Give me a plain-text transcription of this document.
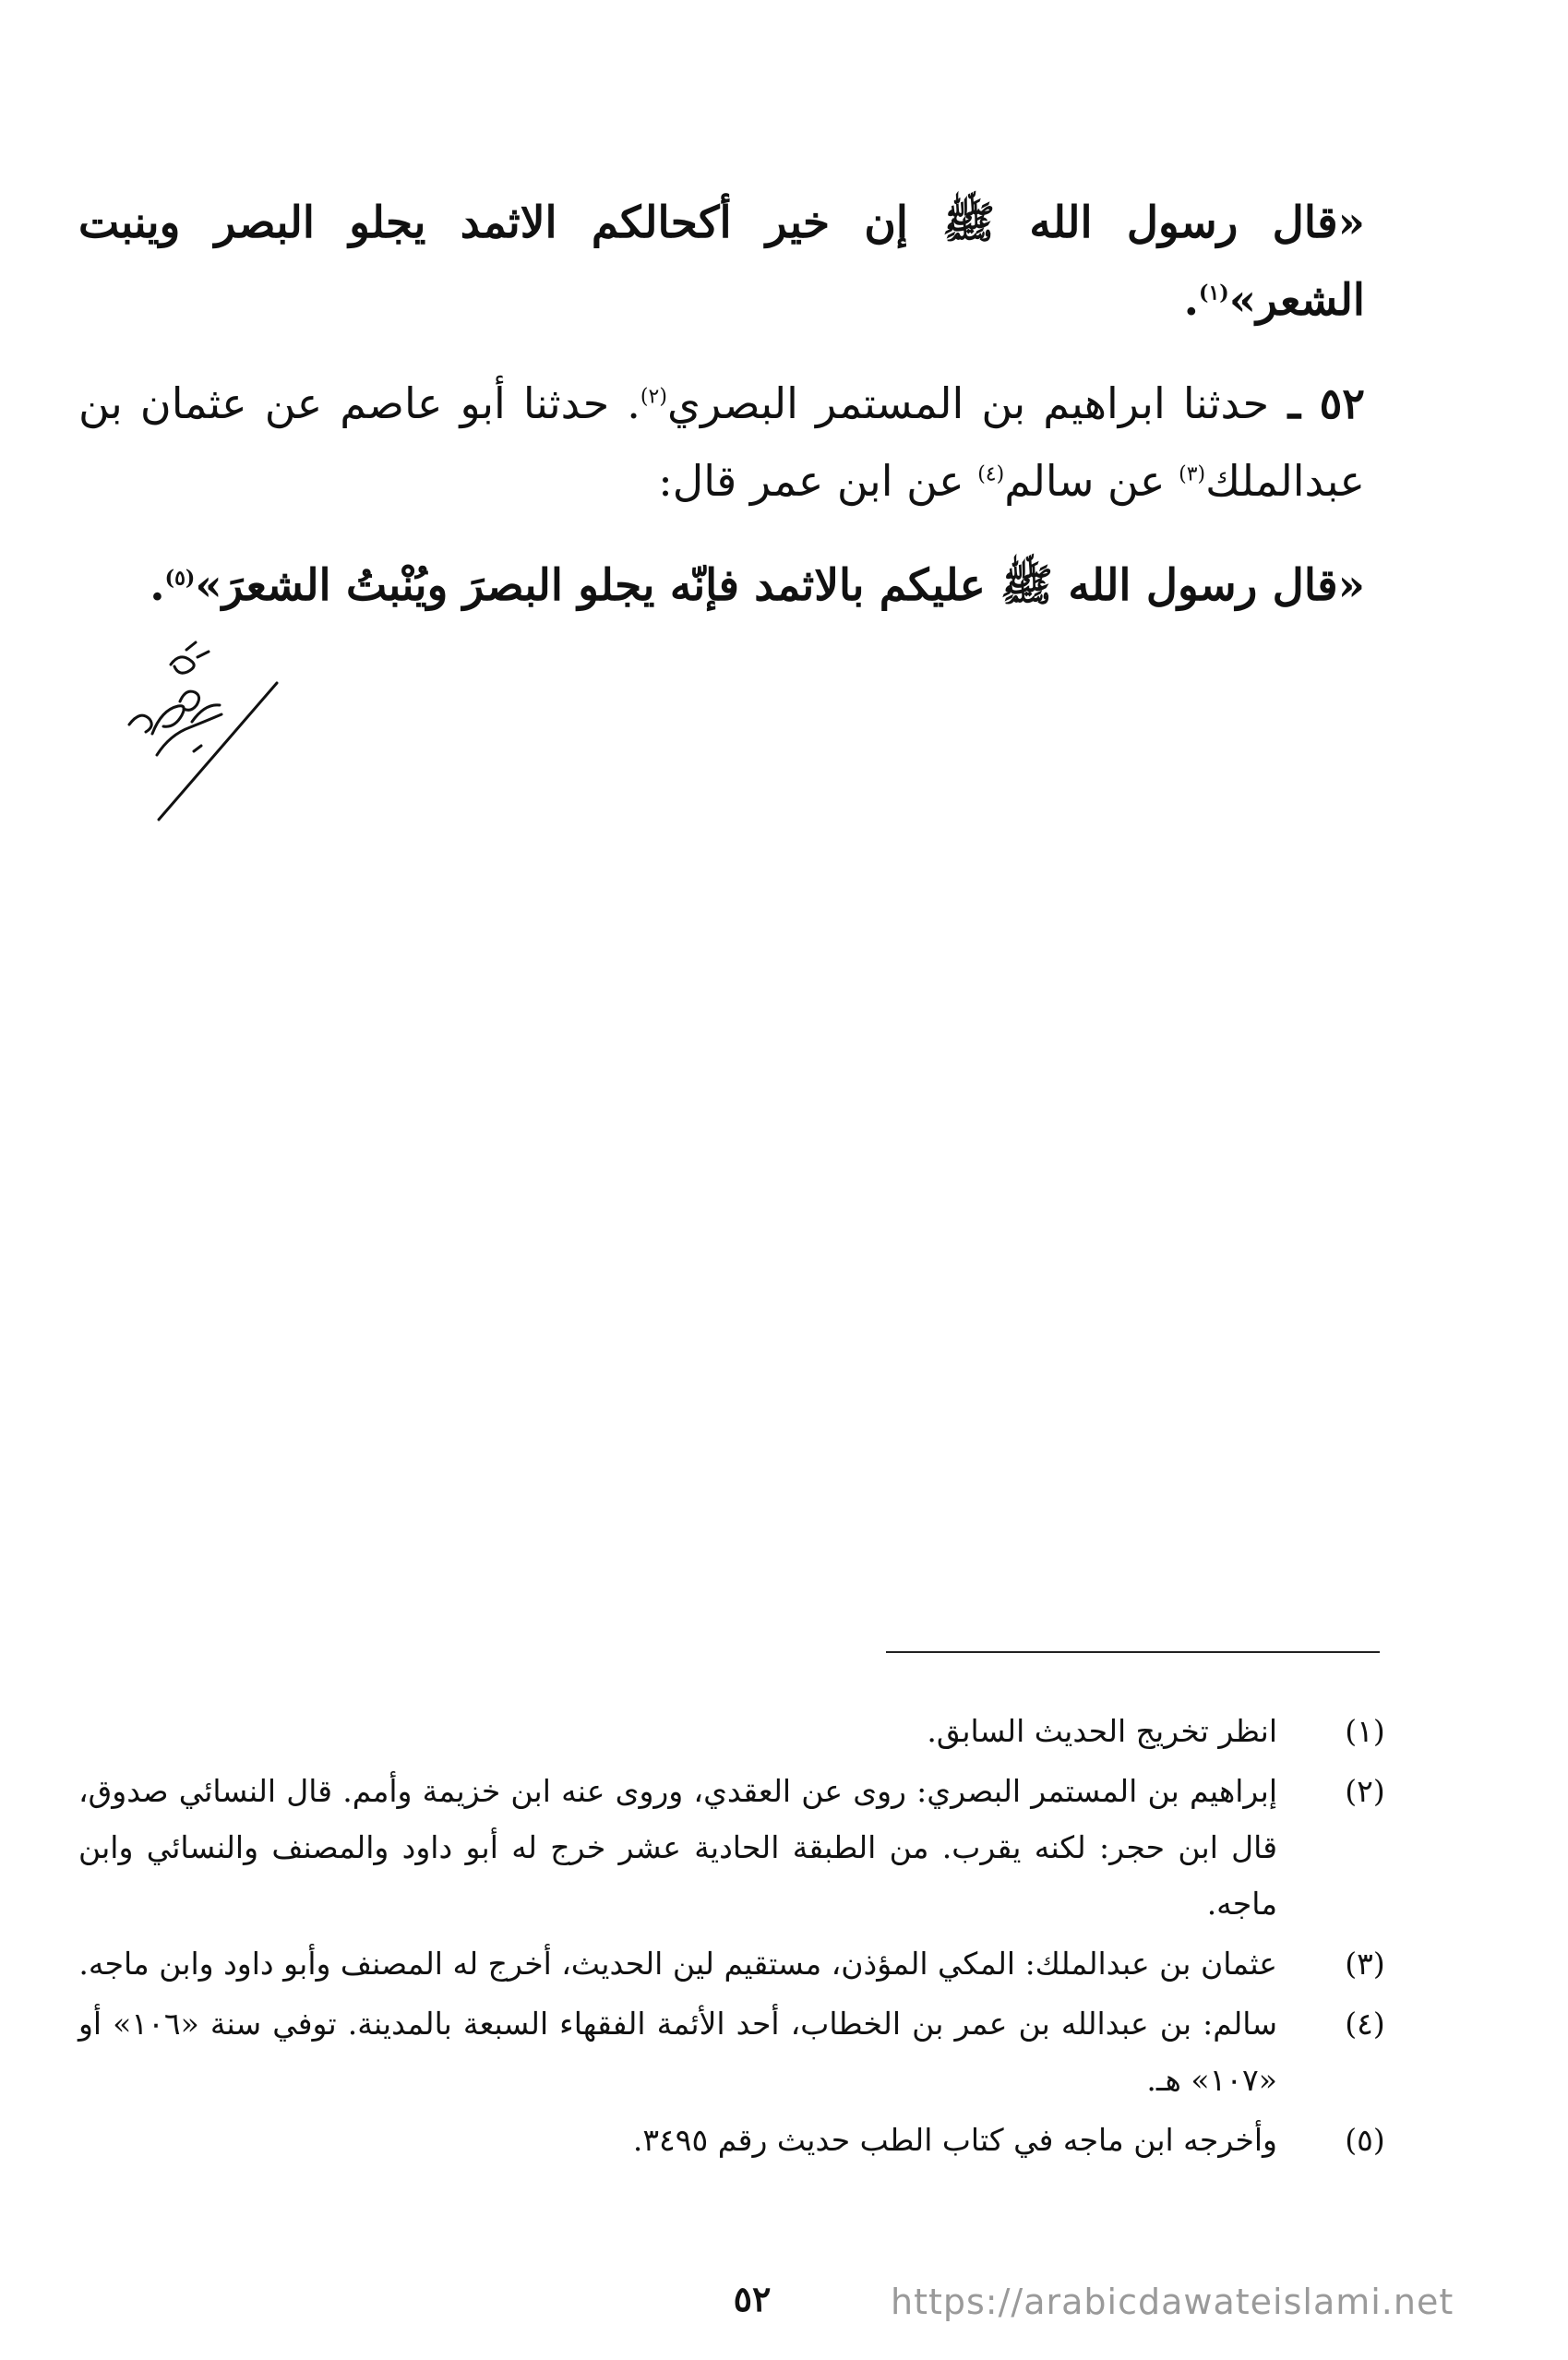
«قال رسول الله ﷺ إن خير أكحالكم الاثمد يجلو البصر وينبت الشعر»$^{(١)}$.
٥٢ ـ حدثنا ابراهيم بن المستمر البصري$^{(٢)}$. حدثنا أبو عاصم عن عثمان بن عبدالملك$^{(٣)}$ عن سالم$^{(٤)}$ عن ابن عمر قال:
«قال رسول الله ﷺ عليكم بالاثمد فإنّه يجلو البصرَ ويُنْبتُ الشعرَ»$^{(٥)}$.
(١)
انظر تخريج الحديث السابق.
(٢)
إبراهيم بن المستمر البصري: روى عن العقدي، وروى عنه ابن خزيمة وأمم. قال النسائي صدوق، قال ابن حجر: لكنه يقرب. من الطبقة الحادية عشر خرج له أبو داود والمصنف والنسائي وابن ماجه.
(٣)
عثمان بن عبدالملك: المكي المؤذن، مستقيم لين الحديث، أخرج له المصنف وأبو داود وابن ماجه.
(٤)
سالم: بن عبدالله بن عمر بن الخطاب، أحد الأئمة الفقهاء السبعة بالمدينة. توفي سنة «١٠٦» أو «١٠٧» هـ.
(٥)
وأخرجه ابن ماجه في كتاب الطب حديث رقم ٣٤٩٥.
٥٢	https://arabicdawateislami.net
